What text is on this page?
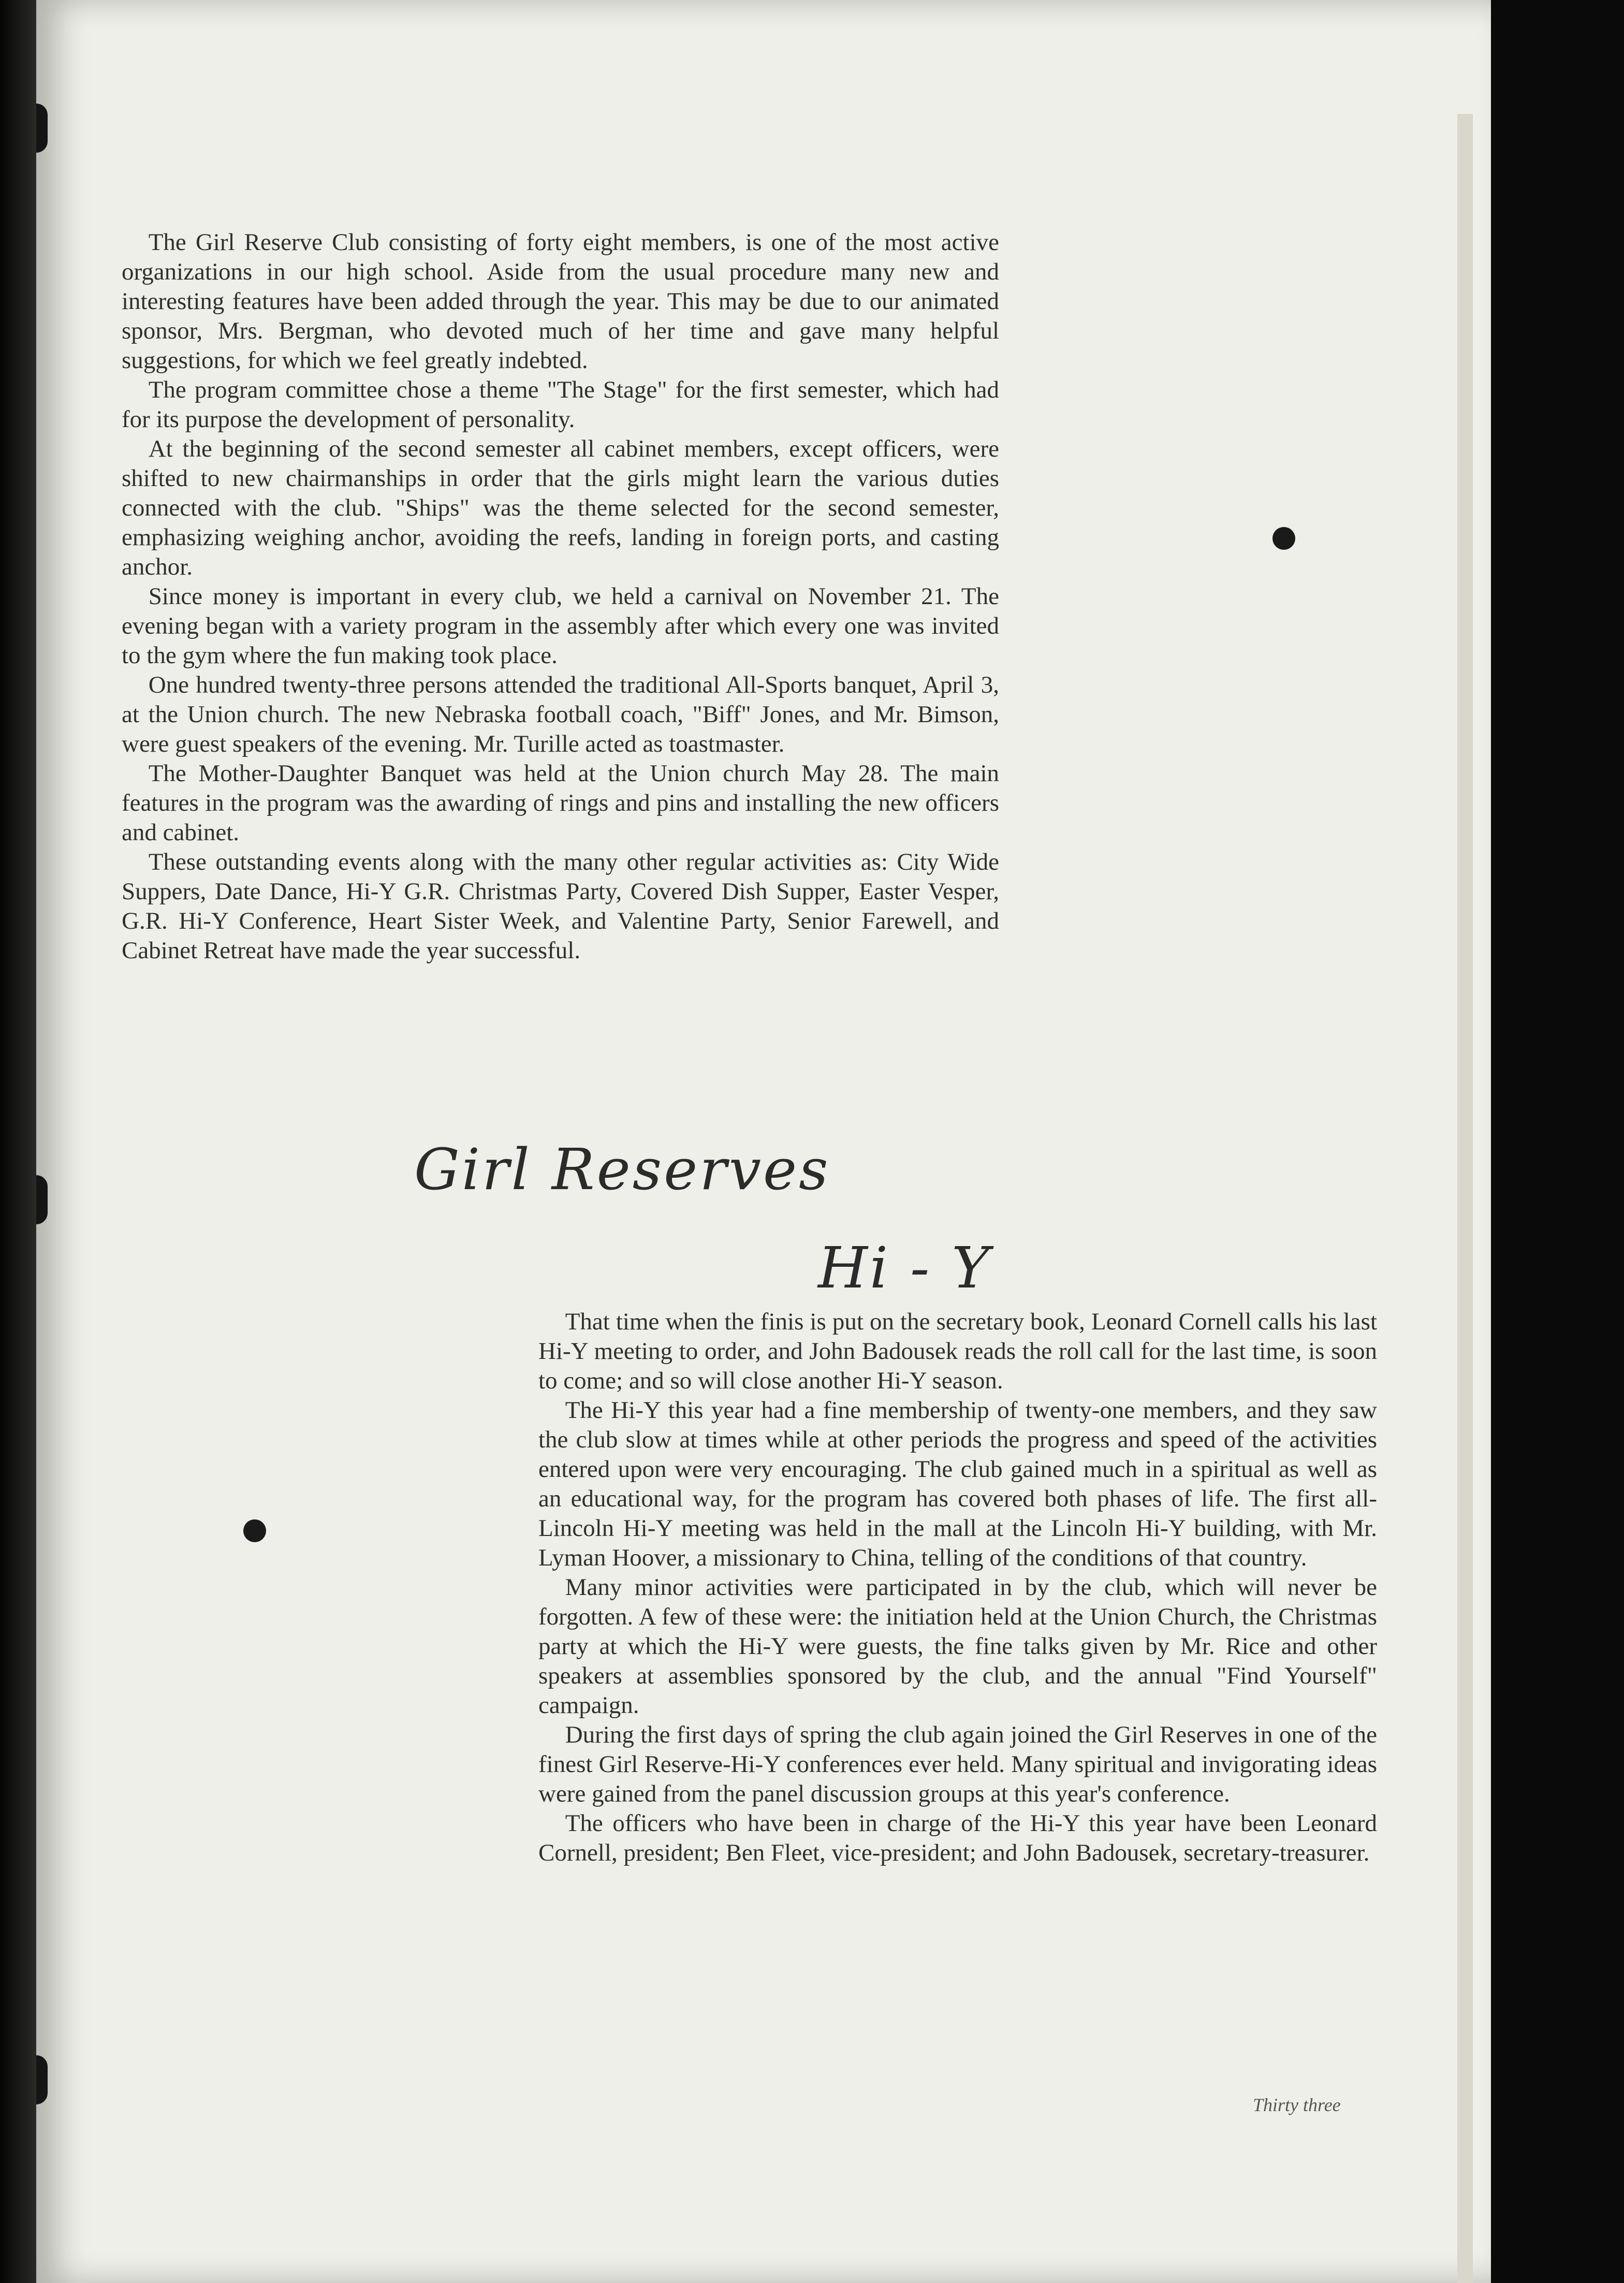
The Girl Reserve Club consisting of forty eight members, is one of the most active organizations in our high school. Aside from the usual procedure many new and interesting features have been added through the year. This may be due to our animated sponsor, Mrs. Bergman, who devoted much of her time and gave many helpful suggestions, for which we feel greatly indebted.

The program committee chose a theme "The Stage" for the first semester, which had for its purpose the development of personality.

At the beginning of the second semester all cabinet members, except officers, were shifted to new chairmanships in order that the girls might learn the various duties connected with the club. "Ships" was the theme selected for the second semester, emphasizing weighing anchor, avoiding the reefs, landing in foreign ports, and casting anchor.

Since money is important in every club, we held a carnival on November 21. The evening began with a variety program in the assembly after which every one was invited to the gym where the fun making took place.

One hundred twenty-three persons attended the traditional All-Sports banquet, April 3, at the Union church. The new Nebraska football coach, "Biff" Jones, and Mr. Bimson, were guest speakers of the evening. Mr. Turille acted as toastmaster.

The Mother-Daughter Banquet was held at the Union church May 28. The main features in the program was the awarding of rings and pins and installing the new officers and cabinet.

These outstanding events along with the many other regular activities as: City Wide Suppers, Date Dance, Hi-Y G.R. Christmas Party, Covered Dish Supper, Easter Vesper, G.R. Hi-Y Conference, Heart Sister Week, and Valentine Party, Senior Farewell, and Cabinet Retreat have made the year successful.

Girl Reserves
Hi - Y

That time when the finis is put on the secretary book, Leonard Cornell calls his last Hi-Y meeting to order, and John Badousek reads the roll call for the last time, is soon to come; and so will close another Hi-Y season.

The Hi-Y this year had a fine membership of twenty-one members, and they saw the club slow at times while at other periods the progress and speed of the activities entered upon were very encouraging. The club gained much in a spiritual as well as an educational way, for the program has covered both phases of life. The first all-Lincoln Hi-Y meeting was held in the mall at the Lincoln Hi-Y building, with Mr. Lyman Hoover, a missionary to China, telling of the conditions of that country.

Many minor activities were participated in by the club, which will never be forgotten. A few of these were: the initiation held at the Union Church, the Christmas party at which the Hi-Y were guests, the fine talks given by Mr. Rice and other speakers at assemblies sponsored by the club, and the annual "Find Yourself" campaign.

During the first days of spring the club again joined the Girl Reserves in one of the finest Girl Reserve-Hi-Y conferences ever held. Many spiritual and invigorating ideas were gained from the panel discussion groups at this year's conference.

The officers who have been in charge of the Hi-Y this year have been Leonard Cornell, president; Ben Fleet, vice-president; and John Badousek, secretary-treasurer.

Thirty three
